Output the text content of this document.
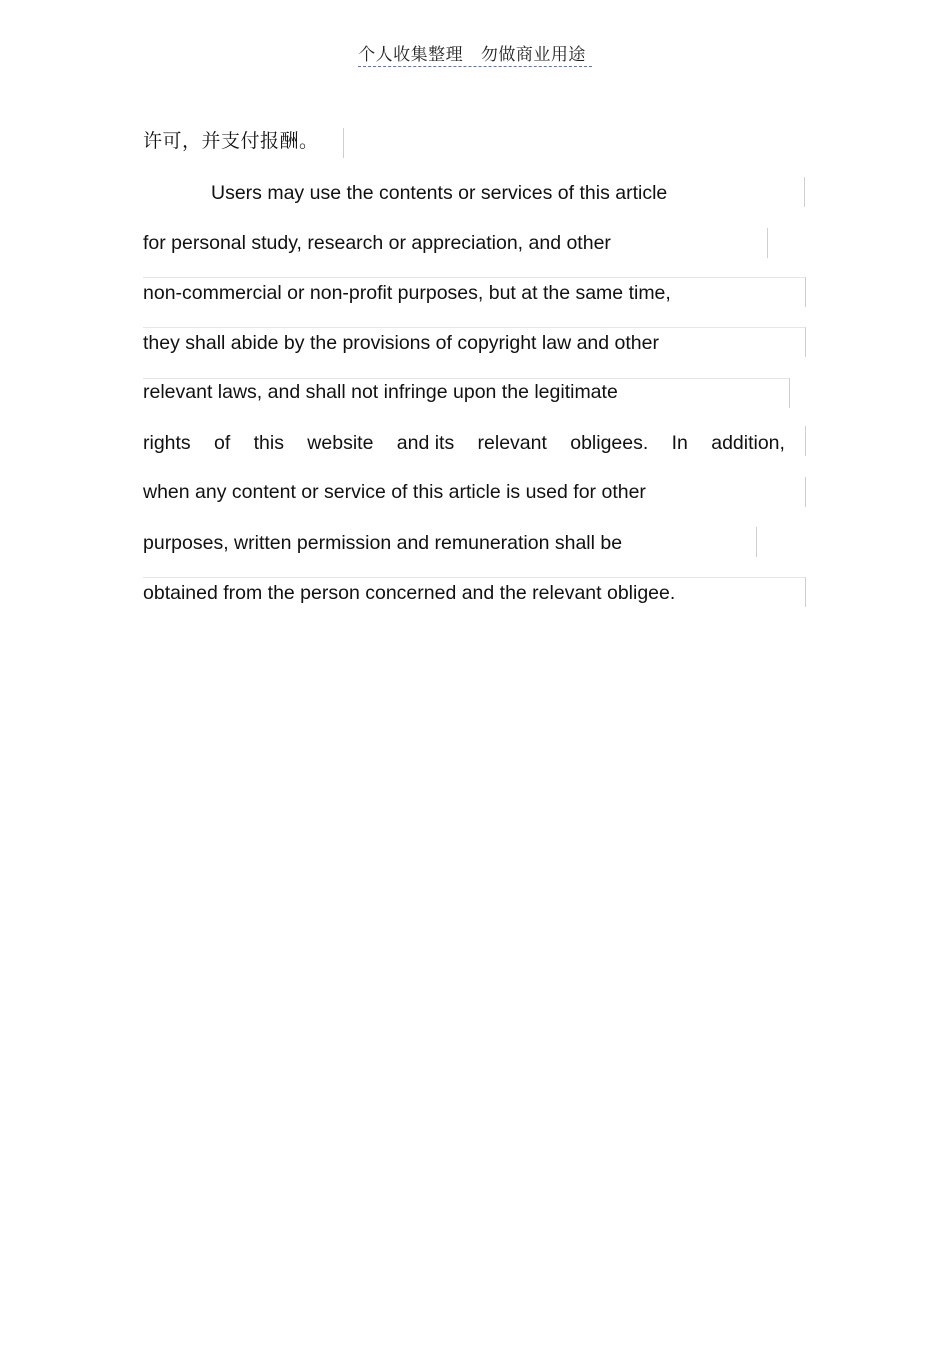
个人收集整理   勿做商业用途
许可，并支付报酬。
Users may use the contents or services of this article
for personal study, research or appreciation, and other
non-commercial or non-profit purposes, but at the same time,
they shall abide by the provisions of copyright law and other
relevant laws, and shall not infringe upon the legitimate
rights of this website and its relevant obligees. In addition,
when any content or service of this article is used for other
purposes, written permission and remuneration shall be
obtained from the person concerned and the relevant obligee.
